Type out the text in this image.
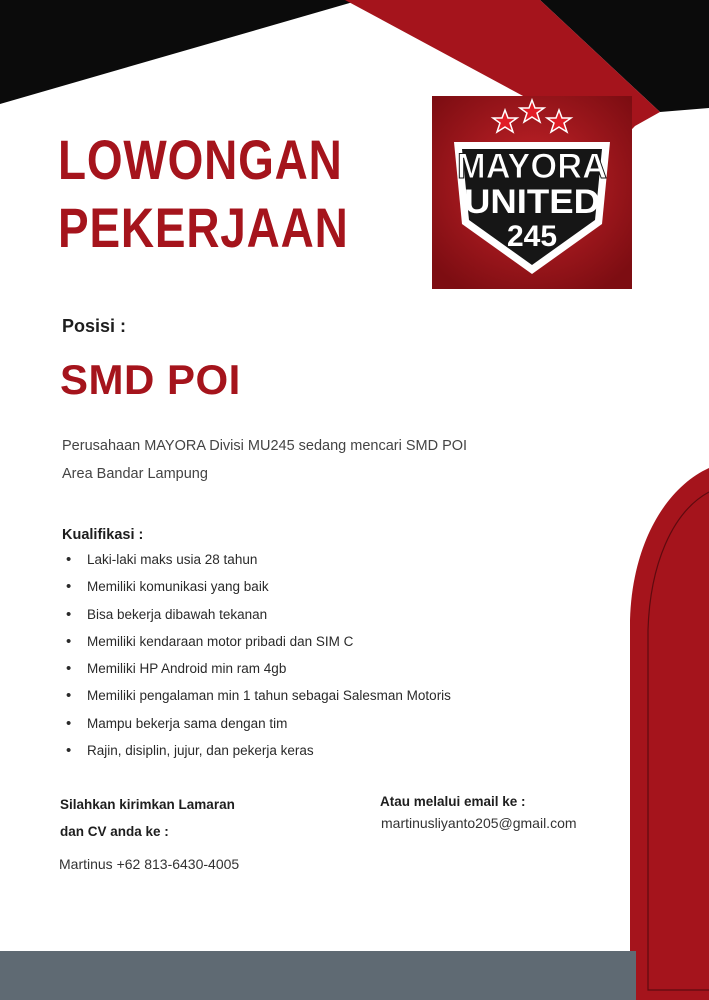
LOWONGAN
PEKERJAAN
MAYORA
UNITED
245
Posisi :
SMD POI
Perusahaan MAYORA Divisi MU245 sedang mencari SMD POI
Area Bandar Lampung
Kualifikasi :
• Laki-laki maks usia 28 tahun
• Memiliki komunikasi yang baik
• Bisa bekerja dibawah tekanan
• Memiliki kendaraan motor pribadi dan SIM C
• Memiliki HP Android min ram 4gb
• Memiliki pengalaman min 1 tahun sebagai Salesman Motoris
• Mampu bekerja sama dengan tim
• Rajin, disiplin, jujur, dan pekerja keras
Silahkan kirimkan Lamaran
dan CV anda ke :
Martinus +62 813-6430-4005
Atau melalui email ke :
martinusliyanto205@gmail.com
